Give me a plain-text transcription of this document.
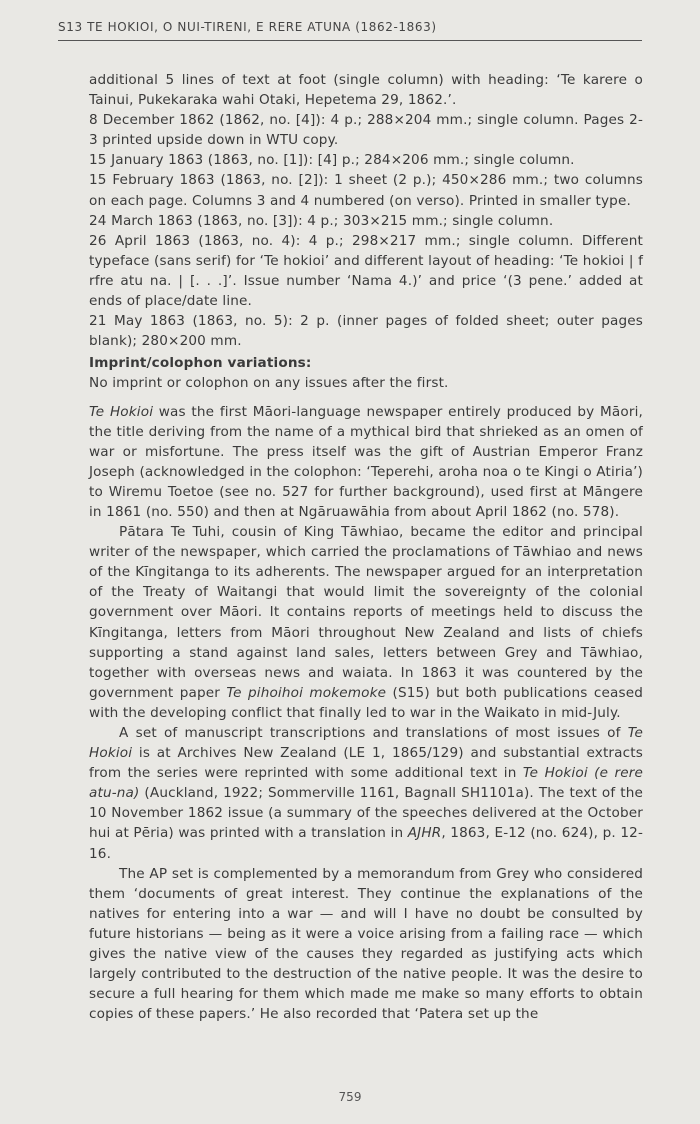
S13 TE HOKIOI, O NUI-TIRENI, E RERE ATUNA (1862-1863)

additional 5 lines of text at foot (single column) with heading: ‘Te karere o Tainui, Pukekaraka wahi Otaki, Hepetema 29, 1862.’.

8 December 1862 (1862, no. [4]): 4 p.; 288×204 mm.; single column. Pages 2-3 printed upside down in WTU copy.

15 January 1863 (1863, no. [1]): [4] p.; 284×206 mm.; single column.

15 February 1863 (1863, no. [2]): 1 sheet (2 p.); 450×286 mm.; two columns on each page. Columns 3 and 4 numbered (on verso). Printed in smaller type.

24 March 1863 (1863, no. [3]): 4 p.; 303×215 mm.; single column.

26 April 1863 (1863, no. 4): 4 p.; 298×217 mm.; single column. Different typeface (sans serif) for ‘Te hokioi’ and different layout of heading: ‘Te hokioi | f rfre atu na. | [. . .]’. Issue number ‘Nama 4.)’ and price ‘(3 pene.’ added at ends of place/date line.

21 May 1863 (1863, no. 5): 2 p. (inner pages of folded sheet; outer pages blank); 280×200 mm.

Imprint/colophon variations:

No imprint or colophon on any issues after the first.

Te Hokioi was the first Māori-language newspaper entirely produced by Māori, the title deriving from the name of a mythical bird that shrieked as an omen of war or misfortune. The press itself was the gift of Austrian Emperor Franz Joseph (acknowledged in the colophon: ‘Teperehi, aroha noa o te Kingi o Atiria’) to Wiremu Toetoe (see no. 527 for further background), used first at Māngere in 1861 (no. 550) and then at Ngāruawāhia from about April 1862 (no. 578).

Pātara Te Tuhi, cousin of King Tāwhiao, became the editor and principal writer of the newspaper, which carried the proclamations of Tāwhiao and news of the Kīngitanga to its adherents. The newspaper argued for an interpretation of the Treaty of Waitangi that would limit the sovereignty of the colonial government over Māori. It contains reports of meetings held to discuss the Kīngitanga, letters from Māori throughout New Zealand and lists of chiefs supporting a stand against land sales, letters between Grey and Tāwhiao, together with overseas news and waiata. In 1863 it was countered by the government paper Te pihoihoi mokemoke (S15) but both publications ceased with the developing conflict that finally led to war in the Waikato in mid-July.

A set of manuscript transcriptions and translations of most issues of Te Hokioi is at Archives New Zealand (LE 1, 1865/129) and substantial extracts from the series were reprinted with some additional text in Te Hokioi (e rere atu-na) (Auckland, 1922; Sommerville 1161, Bagnall SH1101a). The text of the 10 November 1862 issue (a summary of the speeches delivered at the October hui at Pēria) was printed with a translation in AJHR, 1863, E-12 (no. 624), p. 12-16.

The AP set is complemented by a memorandum from Grey who considered them ‘documents of great interest. They continue the explanations of the natives for entering into a war — and will I have no doubt be consulted by future historians — being as it were a voice arising from a failing race — which gives the native view of the causes they regarded as justifying acts which largely contributed to the destruction of the native people. It was the desire to secure a full hearing for them which made me make so many efforts to obtain copies of these papers.’ He also recorded that ‘Patera set up the

759
